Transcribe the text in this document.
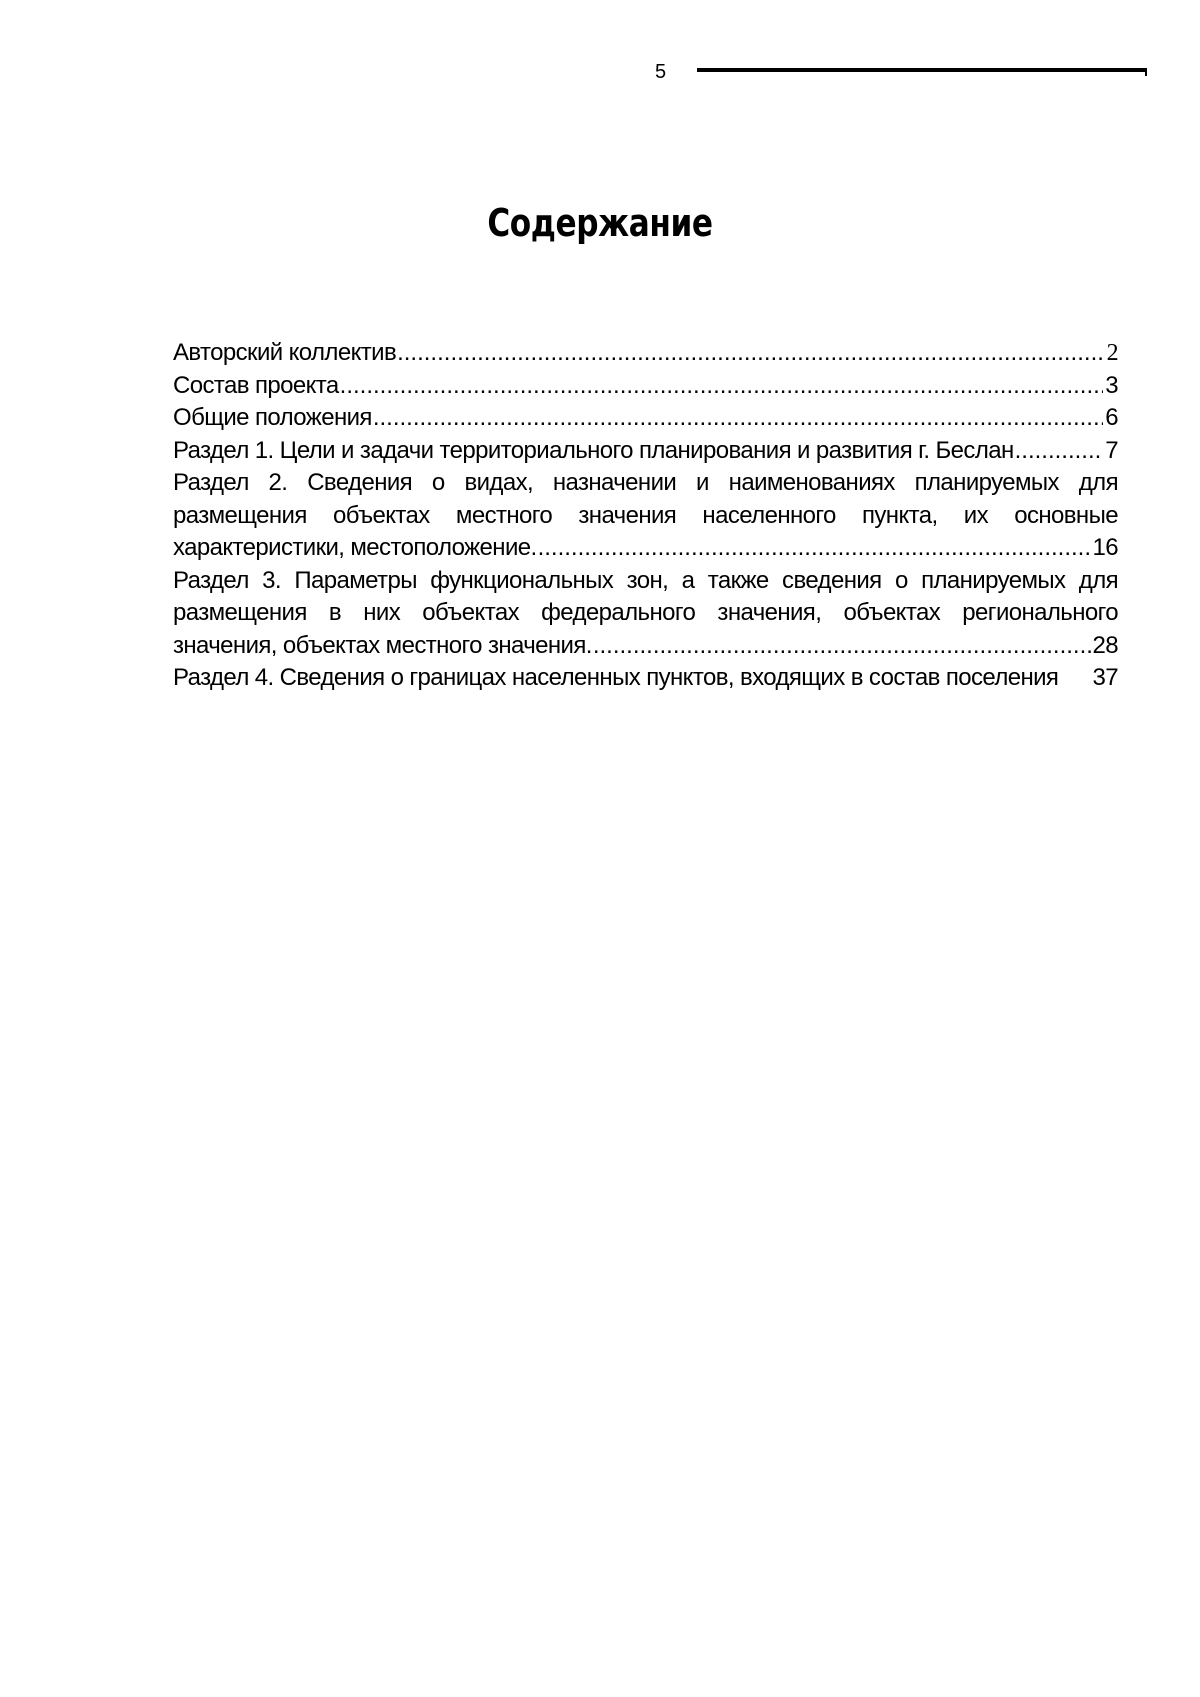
5
Содержание
Авторский коллектив .....	2
Состав проекта .....	3
Общие положения .....	6
Раздел 1. Цели и задачи территориального планирования и развития г. Беслан .....	7
Раздел 2. Сведения о видах, назначении и наименованиях планируемых для
размещения объектах местного значения населенного пункта, их основные
характеристики, местоположение. .....	16
Раздел 3. Параметры функциональных зон, а также сведения о планируемых для
размещения в них объектах федерального значения, объектах регионального
значения, объектах местного значения. .....	28
Раздел 4. Сведения о границах населенных пунктов, входящих в состав поселения 37
